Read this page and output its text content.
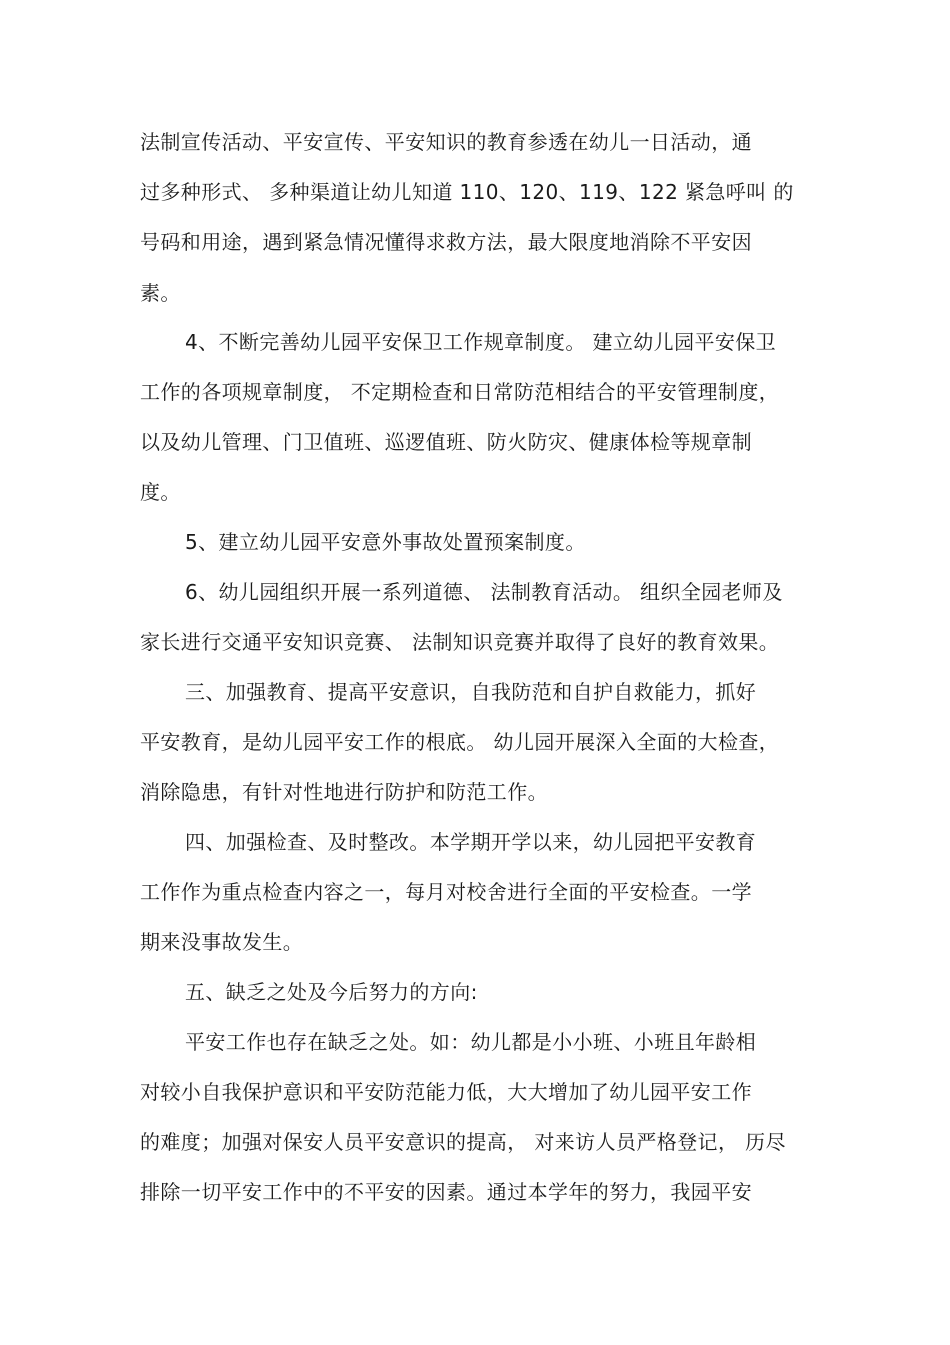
法制宣传活动、平安宣传、平安知识的教育参透在幼儿一日活动，通
过多种形式、 多种渠道让幼儿知道 110、120、119、122 紧急呼叫 的
号码和用途，遇到紧急情况懂得求救方法，最大限度地消除不平安因
素。
4、不断完善幼儿园平安保卫工作规章制度。 建立幼儿园平安保卫
工作的各项规章制度， 不定期检查和日常防范相结合的平安管理制度，
以及幼儿管理、门卫值班、巡逻值班、防火防灾、健康体检等规章制
度。
5、建立幼儿园平安意外事故处置预案制度。
6、幼儿园组织开展一系列道德、 法制教育活动。 组织全园老师及
家长进行交通平安知识竞赛、 法制知识竞赛并取得了良好的教育效果。
三、加强教育、提高平安意识，自我防范和自护自救能力，抓好
平安教育，是幼儿园平安工作的根底。 幼儿园开展深入全面的大检查，
消除隐患，有针对性地进行防护和防范工作。
四、加强检查、及时整改。本学期开学以来，幼儿园把平安教育
工作作为重点检查内容之一，每月对校舍进行全面的平安检查。一学
期来没事故发生。
五、缺乏之处及今后努力的方向:
平安工作也存在缺乏之处。如：幼儿都是小小班、小班且年龄相
对较小自我保护意识和平安防范能力低，大大增加了幼儿园平安工作
的难度；加强对保安人员平安意识的提高， 对来访人员严格登记， 历尽
排除一切平安工作中的不平安的因素。通过本学年的努力，我园平安
